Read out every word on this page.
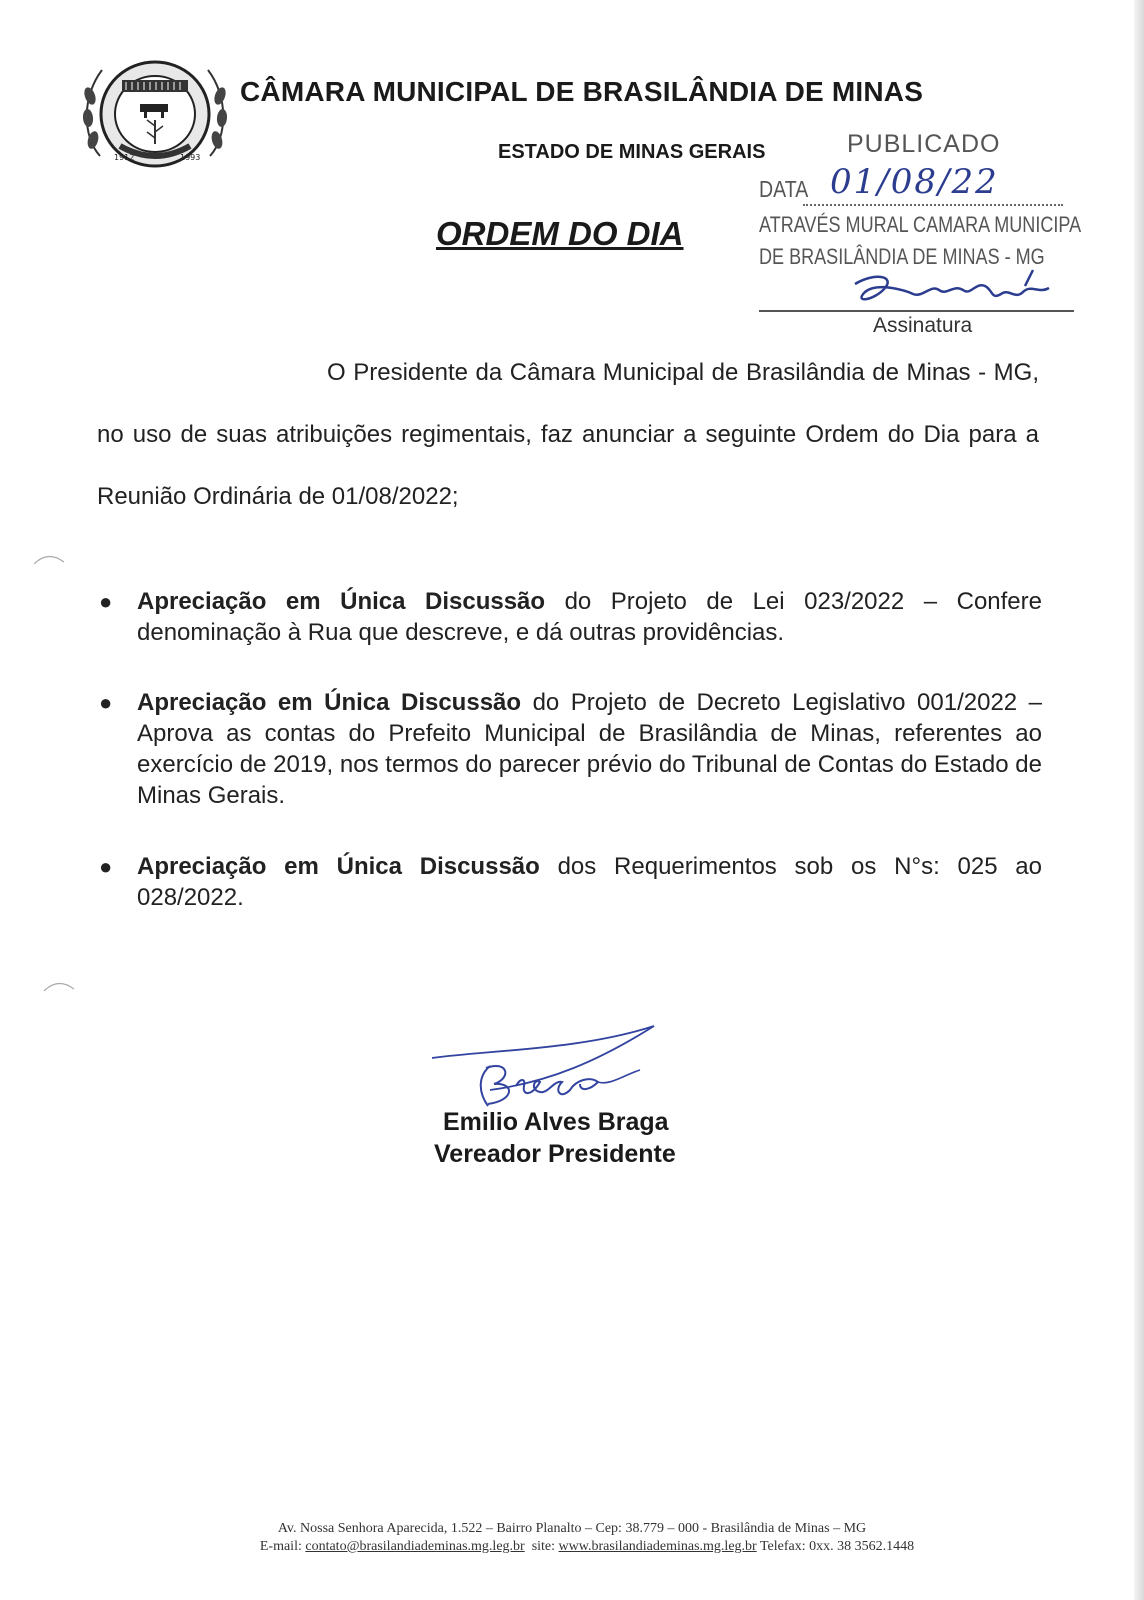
1912	1993
CÂMARA MUNICIPAL DE BRASILÂNDIA DE MINAS
ESTADO DE MINAS GERAIS	PUBLICADO
DATA 01/08/22
ATRAVÉS MURAL CAMARA MUNICIPA
DE BRASILÂNDIA DE MINAS - MG
Assinatura
ORDEM DO DIA
O Presidente da Câmara Municipal de Brasilândia de Minas - MG, no uso de suas atribuições regimentais, faz anunciar a seguinte Ordem do Dia para a Reunião Ordinária de 01/08/2022;
● Apreciação em Única Discussão do Projeto de Lei 023/2022 – Confere denominação à Rua que descreve, e dá outras providências.
● Apreciação em Única Discussão do Projeto de Decreto Legislativo 001/2022 – Aprova as contas do Prefeito Municipal de Brasilândia de Minas, referentes ao exercício de 2019, nos termos do parecer prévio do Tribunal de Contas do Estado de Minas Gerais.
● Apreciação em Única Discussão dos Requerimentos sob os N°s: 025 ao 028/2022.
Emilio Alves Braga
Vereador Presidente
Av. Nossa Senhora Aparecida, 1.522 – Bairro Planalto – Cep: 38.779 – 000 - Brasilândia de Minas – MG
E-mail: contato@brasilandiademinas.mg.leg.br site: www.brasilandiademinas.mg.leg.br Telefax: 0xx. 38 3562.1448
